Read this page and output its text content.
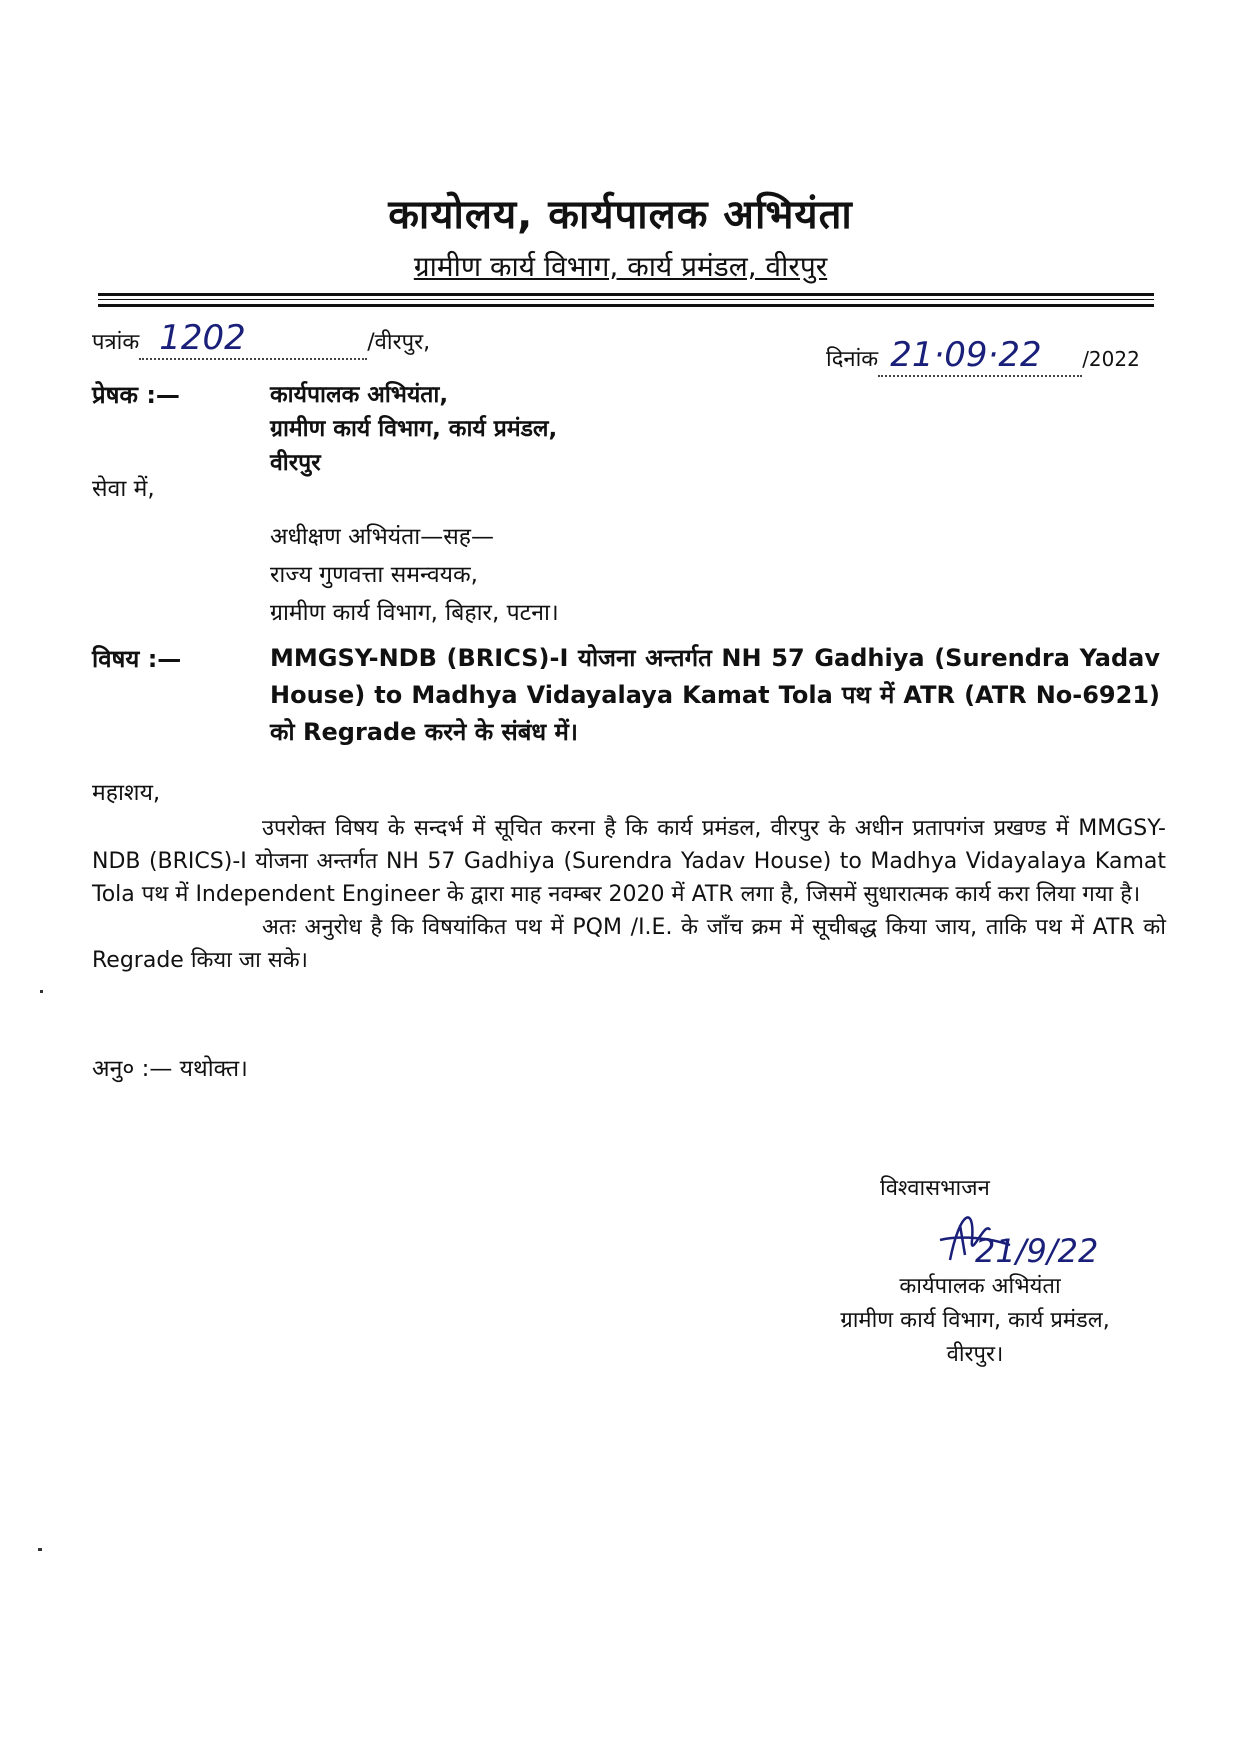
कायोलय, कार्यपालक अभियंता
ग्रामीण कार्य विभाग, कार्य प्रमंडल, वीरपुर
पत्रांक 1202	/वीरपुर,
दिनांक 21·09·22 /2022
प्रेषक :—	कार्यपालक अभियंता,
ग्रामीण कार्य विभाग, कार्य प्रमंडल,
वीरपुर
सेवा में,
अधीक्षण अभियंता—सह—
राज्य गुणवत्ता समन्वयक,
ग्रामीण कार्य विभाग, बिहार, पटना।
विषय :—	MMGSY-NDB (BRICS)-I योजना अन्तर्गत NH 57 Gadhiya (Surendra Yadav House) to Madhya Vidayalaya Kamat Tola पथ में ATR (ATR No-6921) को Regrade करने के संबंध में।
महाशय,
उपरोक्त विषय के सन्दर्भ में सूचित करना है कि कार्य प्रमंडल, वीरपुर के अधीन प्रतापगंज प्रखण्ड में MMGSY-NDB (BRICS)-I योजना अन्तर्गत NH 57 Gadhiya (Surendra Yadav House) to Madhya Vidayalaya Kamat Tola पथ में Independent Engineer के द्वारा माह नवम्बर 2020 में ATR लगा है, जिसमें सुधारात्मक कार्य करा लिया गया है।
अतः अनुरोध है कि विषयांकित पथ में PQM /I.E. के जाँच क्रम में सूचीबद्ध किया जाय, ताकि पथ में ATR को Regrade किया जा सके।
अनु० :— यथोक्त।
विश्वासभाजन
21/9/22
कार्यपालक अभियंता
ग्रामीण कार्य विभाग, कार्य प्रमंडल,
वीरपुर।
